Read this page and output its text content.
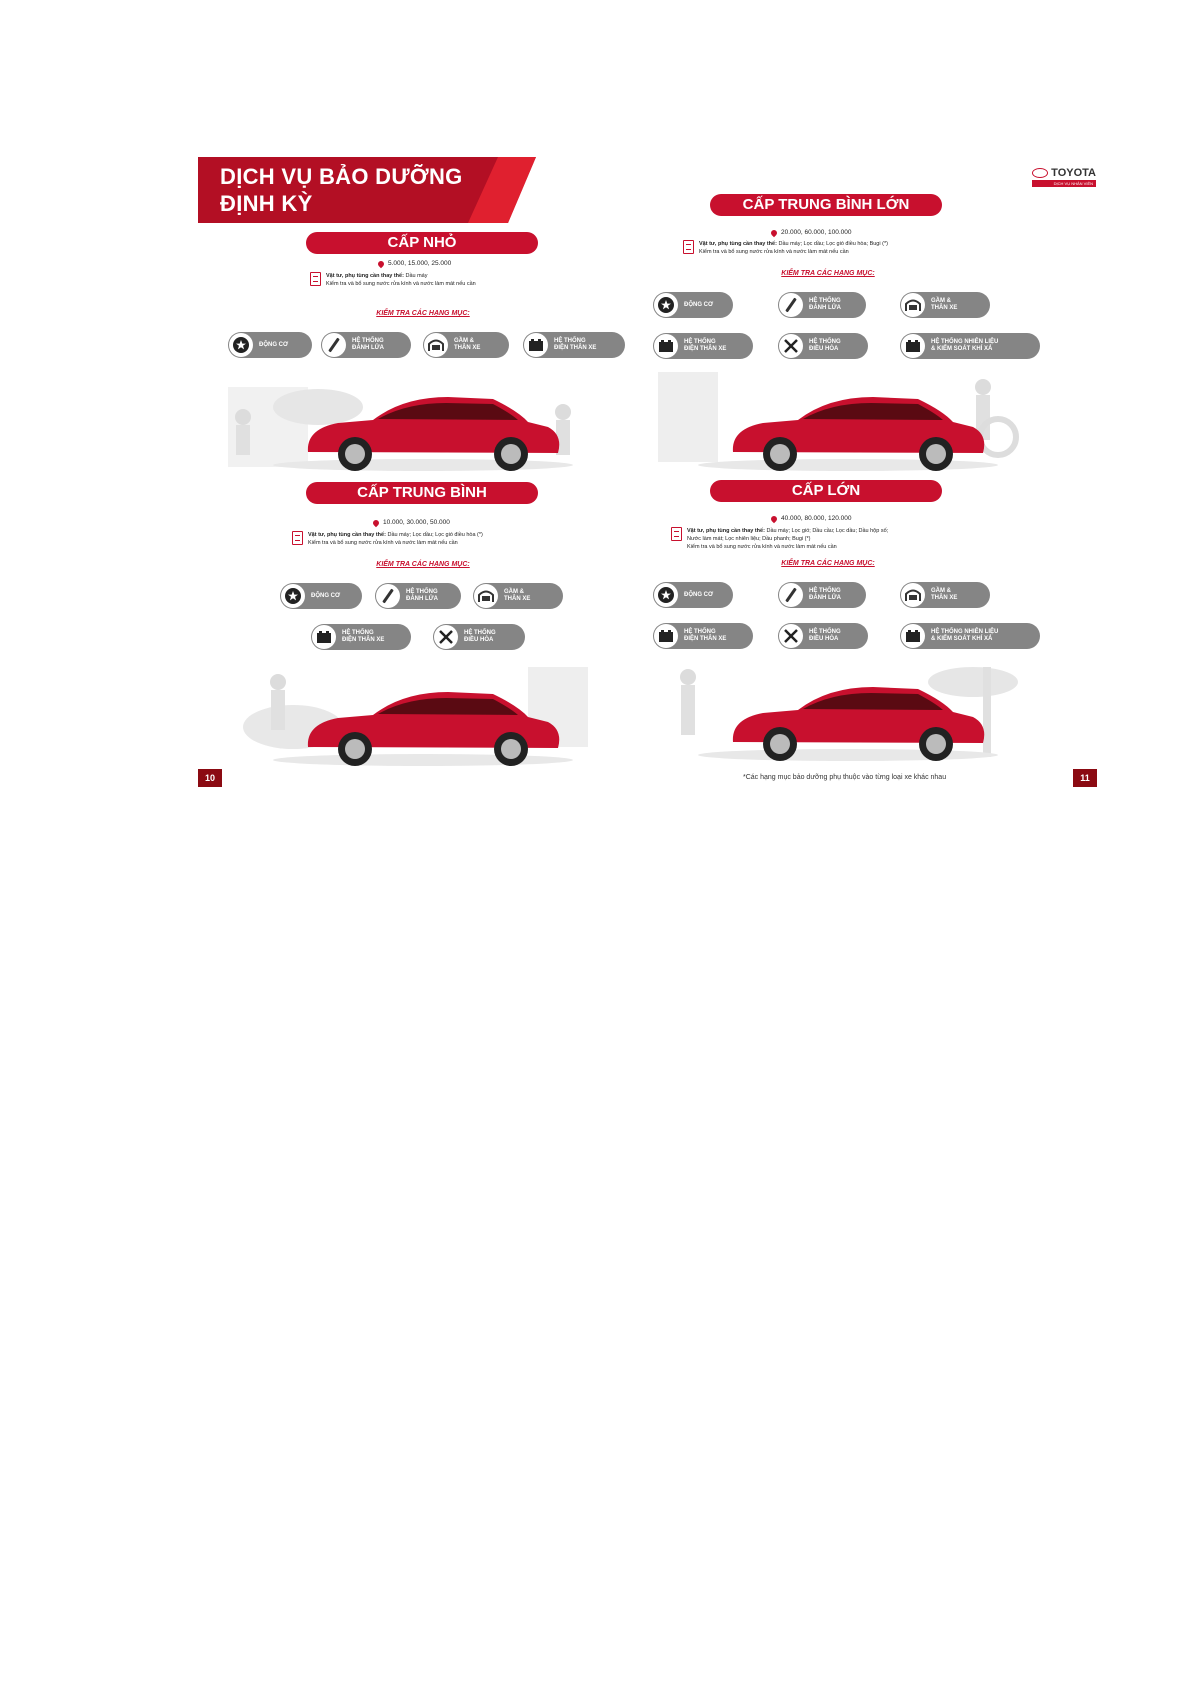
DỊCH VỤ BẢO DƯỠNG
ĐỊNH KỲ
CẤP NHỎ
5.000, 15.000, 25.000
Vật tư, phụ tùng cần thay thế: Dầu máy
Kiểm tra và bổ sung nước rửa kính và nước làm mát nếu cần
KIỂM TRA CÁC HẠNG MỤC:
ĐỘNG CƠ
HỆ THỐNG
ĐÁNH LỬA
GẦM &
THÂN XE
HỆ THỐNG
ĐIỆN THÂN XE
CẤP TRUNG BÌNH
10.000, 30.000, 50.000
Vật tư, phụ tùng cần thay thế: Dầu máy; Lọc dầu; Lọc gió điều hòa (*)
Kiểm tra và bổ sung nước rửa kính và nước làm mát nếu cần
KIỂM TRA CÁC HẠNG MỤC:
ĐỘNG CƠ
HỆ THỐNG
ĐÁNH LỬA
GẦM &
THÂN XE
HỆ THỐNG
ĐIỆN THÂN XE
HỆ THỐNG
ĐIỀU HÒA
10
TOYOTA
DỊCH VỤ NHÂN VIÊN
CẤP TRUNG BÌNH LỚN
20.000, 60.000, 100.000
Vật tư, phụ tùng cần thay thế: Dầu máy; Lọc dầu; Lọc gió điều hòa; Bugi (*)
Kiểm tra và bổ sung nước rửa kính và nước làm mát nếu cần
KIỂM TRA CÁC HẠNG MỤC:
ĐỘNG CƠ
HỆ THỐNG
ĐÁNH LỬA
GẦM &
THÂN XE
HỆ THỐNG
ĐIỆN THÂN XE
HỆ THỐNG
ĐIỀU HÒA
HỆ THỐNG NHIÊN LIỆU
& KIỂM SOÁT KHÍ XẢ
CẤP LỚN
40.000, 80.000, 120.000
Vật tư, phụ tùng cần thay thế: Dầu máy; Lọc gió; Dầu cầu; Lọc dầu; Dầu hộp số;
Nước làm mát; Lọc nhiên liệu; Dầu phanh; Bugi (*)
Kiểm tra và bổ sung nước rửa kính và nước làm mát nếu cần
KIỂM TRA CÁC HẠNG MỤC:
ĐỘNG CƠ
HỆ THỐNG
ĐÁNH LỬA
GẦM &
THÂN XE
HỆ THỐNG
ĐIỆN THÂN XE
HỆ THỐNG
ĐIỀU HÒA
HỆ THỐNG NHIÊN LIỆU
& KIỂM SOÁT KHÍ XẢ
*Các hạng mục bảo dưỡng phụ thuộc vào từng loại xe khác nhau	11
